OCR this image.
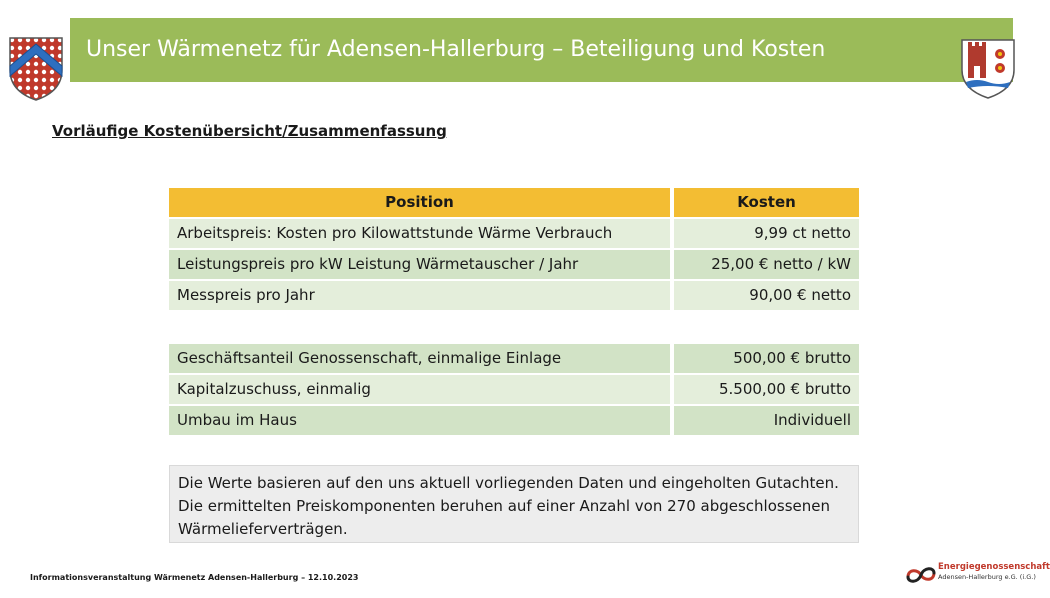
Unser Wärmenetz für Adensen-Hallerburg – Beteiligung und Kosten
Vorläufige Kostenübersicht/Zusammenfassung
Position	Kosten
Arbeitspreis: Kosten pro Kilowattstunde Wärme Verbrauch	9,99 ct netto
Leistungspreis pro kW Leistung Wärmetauscher / Jahr	25,00 € netto / kW
Messpreis pro Jahr	90,00 € netto
Geschäftsanteil Genossenschaft, einmalige Einlage	500,00 € brutto
Kapitalzuschuss, einmalig	5.500,00 € brutto
Umbau im Haus	Individuell
Die Werte basieren auf den uns aktuell vorliegenden Daten und eingeholten Gutachten. Die ermittelten Preiskomponenten beruhen auf einer Anzahl von 270 abgeschlossenen Wärmelieferverträgen.
Informationsveranstaltung Wärmenetz Adensen-Hallerburg – 12.10.2023
Energiegenossenschaft
Adensen-Hallerburg e.G. (i.G.)
